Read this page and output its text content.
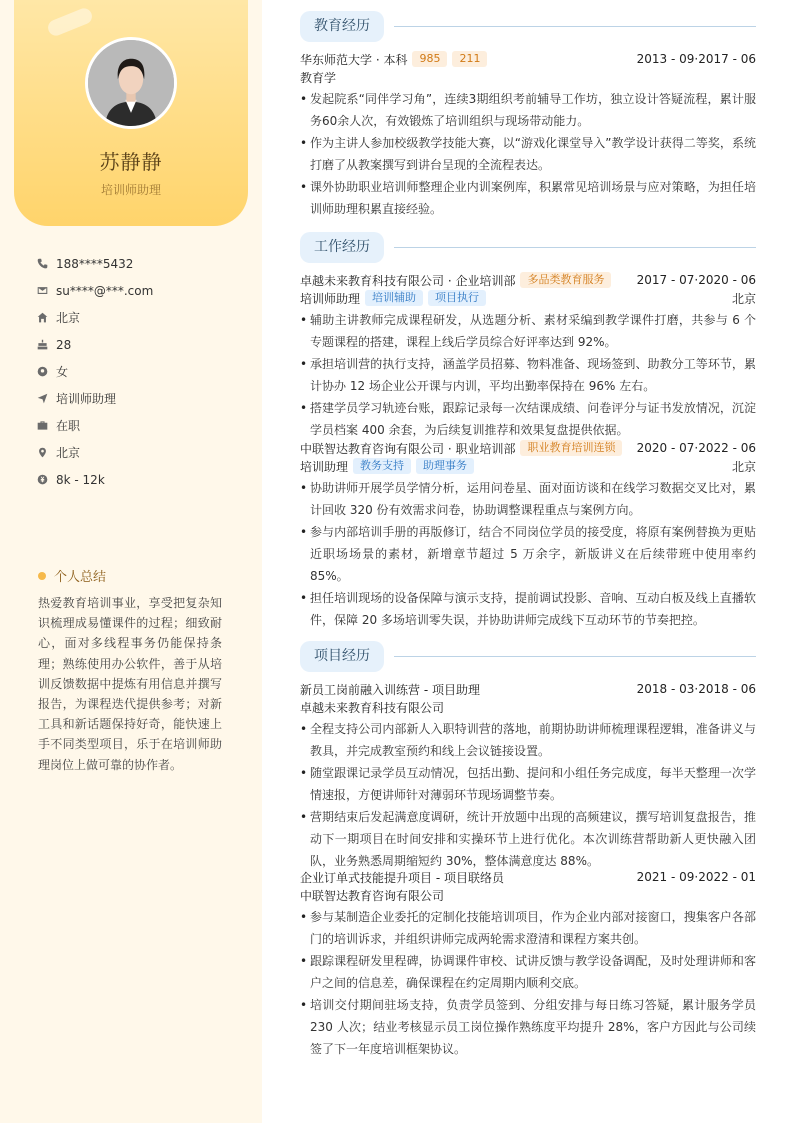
苏静静
培训师助理
188****5432
su****@***.com
北京
28
女
培训师助理
在职
北京
8k - 12k
个人总结
热爱教育培训事业，享受把复杂知识梳理成易懂课件的过程；细致耐心，面对多线程事务仍能保持条理；熟练使用办公软件，善于从培训反馈数据中提炼有用信息并撰写报告，为课程迭代提供参考；对新工具和新话题保持好奇，能快速上手不同类型项目，乐于在培训师助理岗位上做可靠的协作者。
教育经历
华东师范大学 · 本科	985	211	2013 - 09·2017 - 06
教育学
• 发起院系“同伴学习角”，连续3期组织考前辅导工作坊，独立设计答疑流程，累计服务60余人次，有效锻炼了培训组织与现场带动能力。
• 作为主讲人参加校级教学技能大赛，以“游戏化课堂导入”教学设计获得二等奖，系统打磨了从教案撰写到讲台呈现的全流程表达。
• 课外协助职业培训师整理企业内训案例库，积累常见培训场景与应对策略，为担任培训师助理积累直接经验。
工作经历
卓越未来教育科技有限公司 · 企业培训部	多品类教育服务	2017 - 07·2020 - 06
培训师助理	培训辅助	项目执行	北京
• 辅助主讲教师完成课程研发，从选题分析、素材采编到教学课件打磨，共参与 6 个专题课程的搭建，课程上线后学员综合好评率达到 92%。
• 承担培训营的执行支持，涵盖学员招募、物料准备、现场签到、助教分工等环节，累计协办 12 场企业公开课与内训，平均出勤率保持在 96% 左右。
• 搭建学员学习轨迹台账，跟踪记录每一次结课成绩、问卷评分与证书发放情况，沉淀学员档案 400 余套，为后续复训推荐和效果复盘提供依据。
中联智达教育咨询有限公司 · 职业培训部	职业教育培训连锁	2020 - 07·2022 - 06
培训助理	教务支持	助理事务	北京
• 协助讲师开展学员学情分析，运用问卷星、面对面访谈和在线学习数据交叉比对，累计回收 320 份有效需求问卷，协助调整课程重点与案例方向。
• 参与内部培训手册的再版修订，结合不同岗位学员的接受度，将原有案例替换为更贴近职场场景的素材，新增章节超过 5 万余字，新版讲义在后续带班中使用率约 85%。
• 担任培训现场的设备保障与演示支持，提前调试投影、音响、互动白板及线上直播软件，保障 20 多场培训零失误，并协助讲师完成线下互动环节的节奏把控。
项目经历
新员工岗前融入训练营 - 项目助理	2018 - 03·2018 - 06
卓越未来教育科技有限公司
• 全程支持公司内部新人入职特训营的落地，前期协助讲师梳理课程逻辑，准备讲义与教具，并完成教室预约和线上会议链接设置。
• 随堂跟课记录学员互动情况，包括出勤、提问和小组任务完成度，每半天整理一次学情速报，方便讲师针对薄弱环节现场调整节奏。
• 营期结束后发起满意度调研，统计开放题中出现的高频建议，撰写培训复盘报告，推动下一期项目在时间安排和实操环节上进行优化。本次训练营帮助新人更快融入团队，业务熟悉周期缩短约 30%，整体满意度达 88%。
企业订单式技能提升项目 - 项目联络员	2021 - 09·2022 - 01
中联智达教育咨询有限公司
• 参与某制造企业委托的定制化技能培训项目，作为企业内部对接窗口，搜集客户各部门的培训诉求，并组织讲师完成两轮需求澄清和课程方案共创。
• 跟踪课程研发里程碑，协调课件审校、试讲反馈与教学设备调配，及时处理讲师和客户之间的信息差，确保课程在约定周期内顺利交底。
• 培训交付期间驻场支持，负责学员签到、分组安排与每日练习答疑，累计服务学员 230 人次；结业考核显示员工岗位操作熟练度平均提升 28%，客户方因此与公司续签了下一年度培训框架协议。
